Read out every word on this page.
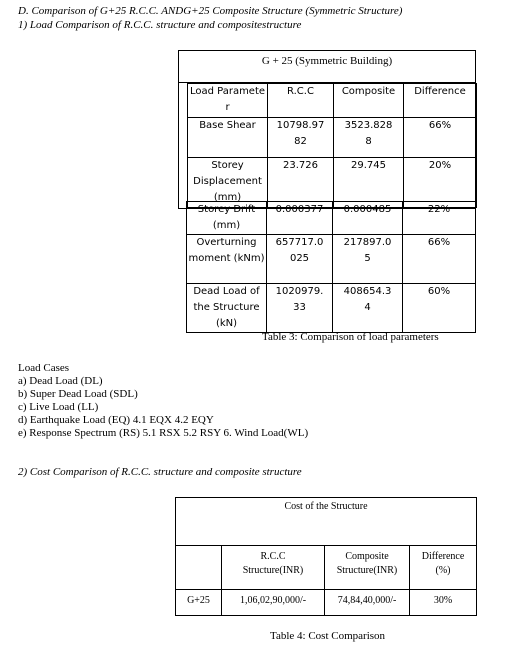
D. Comparison of G+25 R.C.C. ANDG+25 Composite Structure (Symmetric Structure)
1) Load Comparison of R.C.C. structure and compositestructure
G + 25 (Symmetric Building)

Load Parameter	R.C.C	Composite	Difference
Base Shear	10798.9782	3523.8288	66%
Storey Displacement (mm)	23.726	29.745	20%
Storey Drift (mm)	0.000377	0.000485	22%
Overturning moment (kNm)	657717.0025	217897.05	66%
Dead Load of the Structure (kN)	1020979.33	408654.34	60%
Table 3: Comparison of load parameters
Load Cases
a) Dead Load (DL)
b) Super Dead Load (SDL)
c) Live Load (LL)
d) Earthquake Load (EQ) 4.1 EQX 4.2 EQY
e) Response Spectrum (RS) 5.1 RSX 5.2 RSY 6. Wind Load(WL)
2) Cost Comparison of R.C.C. structure and composite structure
Cost of the Structure			
	R.C.C Structure(INR)	Composite Structure(INR)	Difference (%)
G+25	1,06,02,90,000/-	74,84,40,000/-	30%
Table 4: Cost Comparison
